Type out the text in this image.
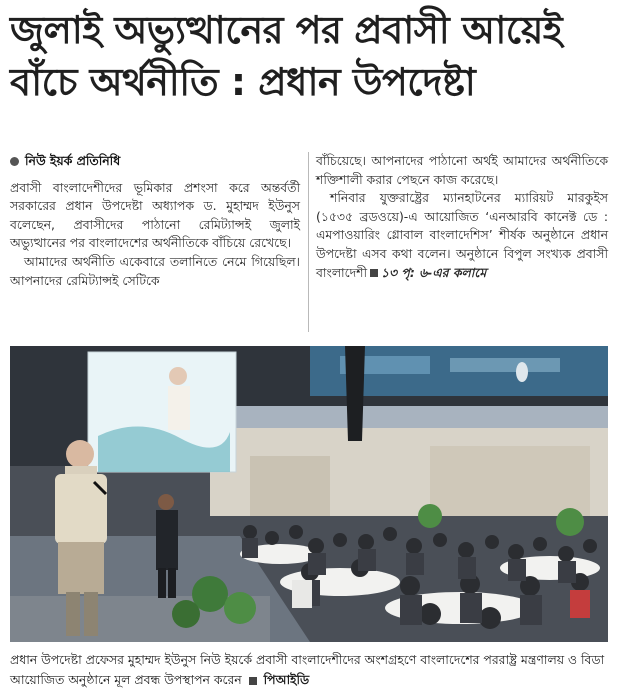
জুলাই অভ্যুত্থানের পর প্রবাসী আয়েই
বাঁচে অর্থনীতি : প্রধান উপদেষ্টা
নিউ ইয়র্ক প্রতিনিধি

প্রবাসী বাংলাদেশীদের ভূমিকার প্রশংসা করে অন্তর্বর্তী সরকারের প্রধান উপদেষ্টা অধ্যাপক ড. মুহাম্মদ ইউনুস বলেছেন, প্রবাসীদের পাঠানো রেমিট্যান্সই জুলাই অভ্যুত্থানের পর বাংলাদেশের অর্থনীতিকে বাঁচিয়ে রেখেছে।

আমাদের অর্থনীতি একেবারে তলানিতে নেমে গিয়েছিল। আপনাদের রেমিট্যান্সই সেটিকে

বাঁচিয়েছে। আপনাদের পাঠানো অর্থই আমাদের অর্থনীতিকে শক্তিশালী করার পেছনে কাজ করেছে।

শনিবার যুক্তরাষ্ট্রের ম্যানহাটনের ম্যারিয়ট মারকুইস (১৫৩৫ ব্রডওয়ে)-এ আয়োজিত ‘এনআরবি কানেক্ট ডে : এমপাওয়ারিং গ্লোবাল বাংলাদেশিস’ শীর্ষক অনুষ্ঠানে প্রধান উপদেষ্টা এসব কথা বলেন। অনুষ্ঠানে বিপুল সংখ্যক প্রবাসী বাংলাদেশী ১৩ পৃ: ৬-এর কলামে

প্রধান উপদেষ্টা প্রফেসর মুহাম্মদ ইউনুস নিউ ইয়র্কে প্রবাসী বাংলাদেশীদের অংশগ্রহণে বাংলাদেশের পররাষ্ট্র মন্ত্রণালয় ও বিডা আয়োজিত অনুষ্ঠানে মূল প্রবন্ধ উপস্থাপন করেন পিআইডি
